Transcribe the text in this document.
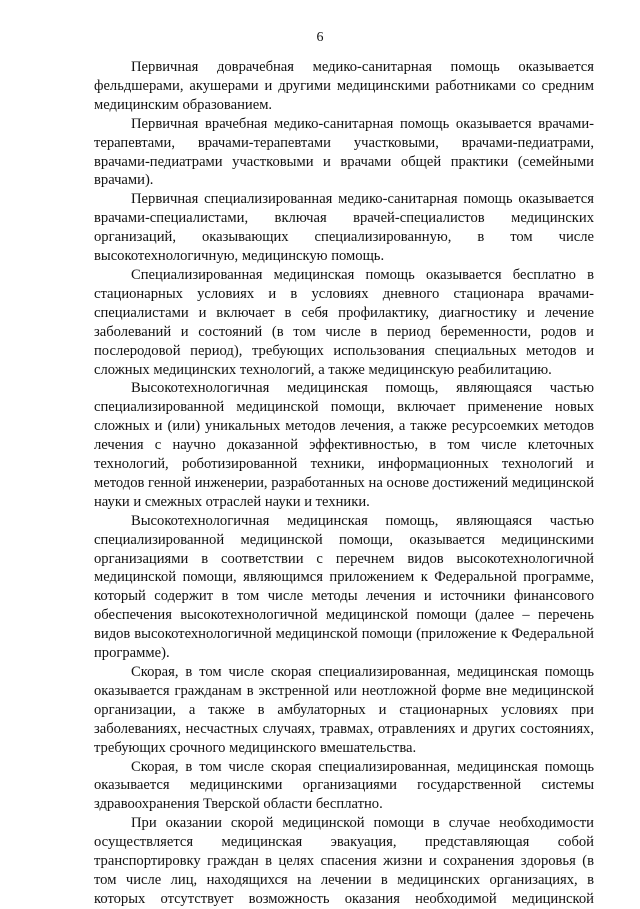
6

Первичная доврачебная медико-санитарная помощь оказывается фельдшерами, акушерами и другими медицинскими работниками со средним медицинским образованием.

Первичная врачебная медико-санитарная помощь оказывается врачами-терапевтами, врачами-терапевтами участковыми, врачами-педиатрами, врачами-педиатрами участковыми и врачами общей практики (семейными врачами).

Первичная специализированная медико-санитарная помощь оказывается врачами-специалистами, включая врачей-специалистов медицинских организаций, оказывающих специализированную, в том числе высокотехнологичную, медицинскую помощь.

Специализированная медицинская помощь оказывается бесплатно в стационарных условиях и в условиях дневного стационара врачами-специалистами и включает в себя профилактику, диагностику и лечение заболеваний и состояний (в том числе в период беременности, родов и послеродовой период), требующих использования специальных методов и сложных медицинских технологий, а также медицинскую реабилитацию.

Высокотехнологичная медицинская помощь, являющаяся частью специализированной медицинской помощи, включает применение новых сложных и (или) уникальных методов лечения, а также ресурсоемких методов лечения с научно доказанной эффективностью, в том числе клеточных технологий, роботизированной техники, информационных технологий и методов генной инженерии, разработанных на основе достижений медицинской науки и смежных отраслей науки и техники.

Высокотехнологичная медицинская помощь, являющаяся частью специализированной медицинской помощи, оказывается медицинскими организациями в соответствии с перечнем видов высокотехнологичной медицинской помощи, являющимся приложением к Федеральной программе, который содержит в том числе методы лечения и источники финансового обеспечения высокотехнологичной медицинской помощи (далее – перечень видов высокотехнологичной медицинской помощи (приложение к Федеральной программе).

Скорая, в том числе скорая специализированная, медицинская помощь оказывается гражданам в экстренной или неотложной форме вне медицинской организации, а также в амбулаторных и стационарных условиях при заболеваниях, несчастных случаях, травмах, отравлениях и других состояниях, требующих срочного медицинского вмешательства.

Скорая, в том числе скорая специализированная, медицинская помощь оказывается медицинскими организациями государственной системы здравоохранения Тверской области бесплатно.

При оказании скорой медицинской помощи в случае необходимости осуществляется медицинская эвакуация, представляющая собой транспортировку граждан в целях спасения жизни и сохранения здоровья (в том числе лиц, находящихся на лечении в медицинских организациях, в которых отсутствует возможность оказания необходимой медицинской
